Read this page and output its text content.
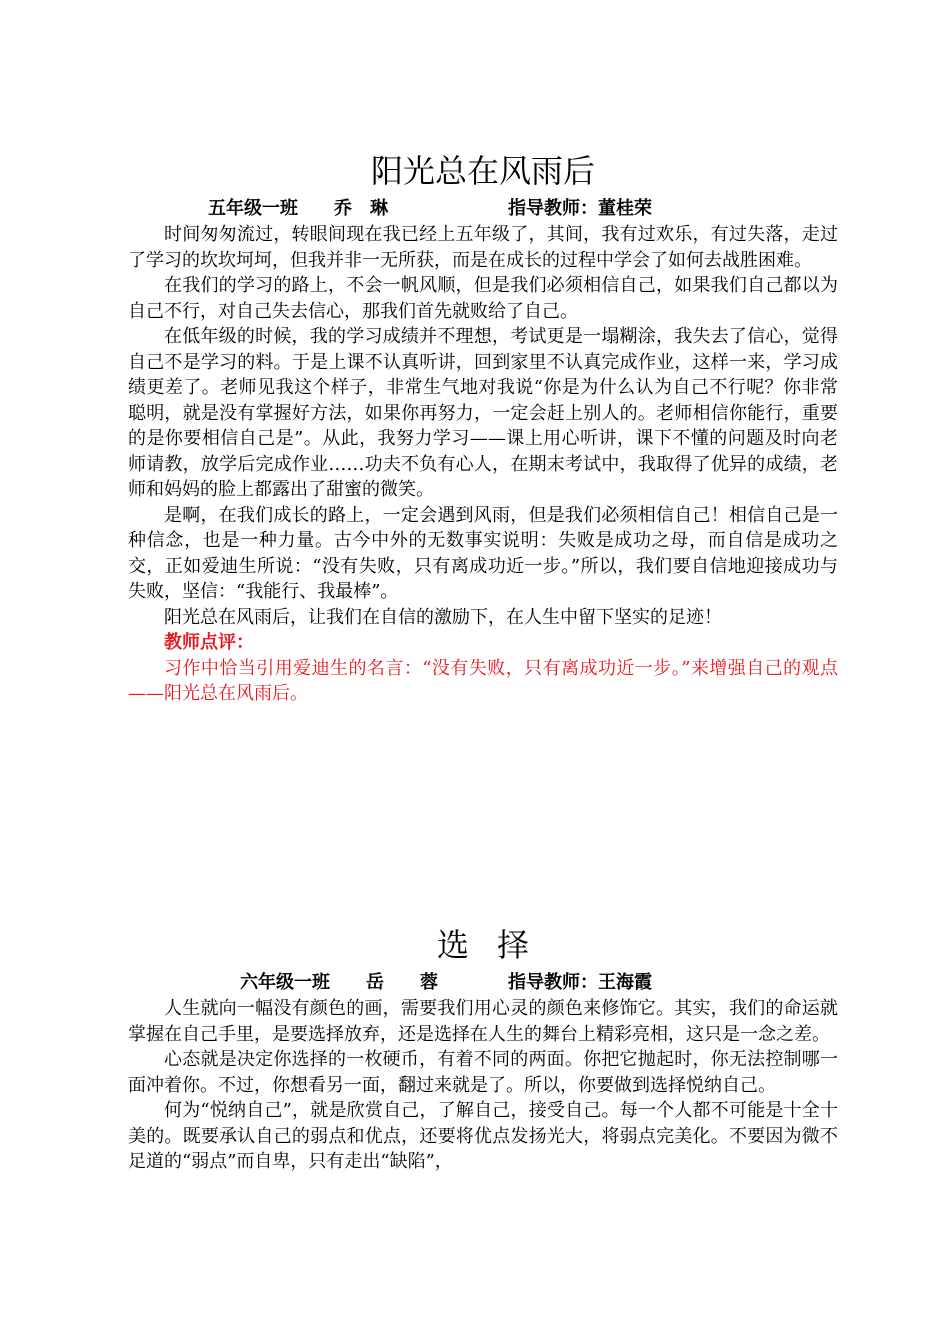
阳光总在风雨后
五年级一班 乔　琳	指导教师：董桂荣

时间匆匆流过，转眼间现在我已经上五年级了，其间，我有过欢乐，有过失落，走过了学习的坎坎坷坷，但我并非一无所获，而是在成长的过程中学会了如何去战胜困难。

在我们的学习的路上，不会一帆风顺，但是我们必须相信自己，如果我们自己都以为自己不行，对自己失去信心，那我们首先就败给了自己。

在低年级的时候，我的学习成绩并不理想，考试更是一塌糊涂，我失去了信心，觉得自己不是学习的料。于是上课不认真听讲，回到家里不认真完成作业，这样一来，学习成绩更差了。老师见我这个样子，非常生气地对我说“你是为什么认为自己不行呢？你非常聪明，就是没有掌握好方法，如果你再努力，一定会赶上别人的。老师相信你能行，重要的是你要相信自己是”。从此，我努力学习——课上用心听讲，课下不懂的问题及时向老师请教，放学后完成作业……功夫不负有心人，在期末考试中，我取得了优异的成绩，老师和妈妈的脸上都露出了甜蜜的微笑。

是啊，在我们成长的路上，一定会遇到风雨，但是我们必须相信自己！相信自己是一种信念，也是一种力量。古今中外的无数事实说明：失败是成功之母，而自信是成功之交，正如爱迪生所说：“没有失败，只有离成功近一步。”所以，我们要自信地迎接成功与失败，坚信：“我能行、我最棒”。

阳光总在风雨后，让我们在自信的激励下，在人生中留下坚实的足迹！

教师点评：

习作中恰当引用爱迪生的名言：“没有失败，只有离成功近一步。”来增强自己的观点——阳光总在风雨后。

选择
六年级一班 岳　　蓉	指导教师：王海霞

人生就向一幅没有颜色的画，需要我们用心灵的颜色来修饰它。其实，我们的命运就掌握在自己手里，是要选择放弃，还是选择在人生的舞台上精彩亮相，这只是一念之差。

心态就是决定你选择的一枚硬币，有着不同的两面。你把它抛起时，你无法控制哪一面冲着你。不过，你想看另一面，翻过来就是了。所以，你要做到选择悦纳自己。

何为“悦纳自己”，就是欣赏自己，了解自己，接受自己。每一个人都不可能是十全十美的。既要承认自己的弱点和优点，还要将优点发扬光大，将弱点完美化。不要因为微不足道的“弱点”而自卑，只有走出“缺陷”，
